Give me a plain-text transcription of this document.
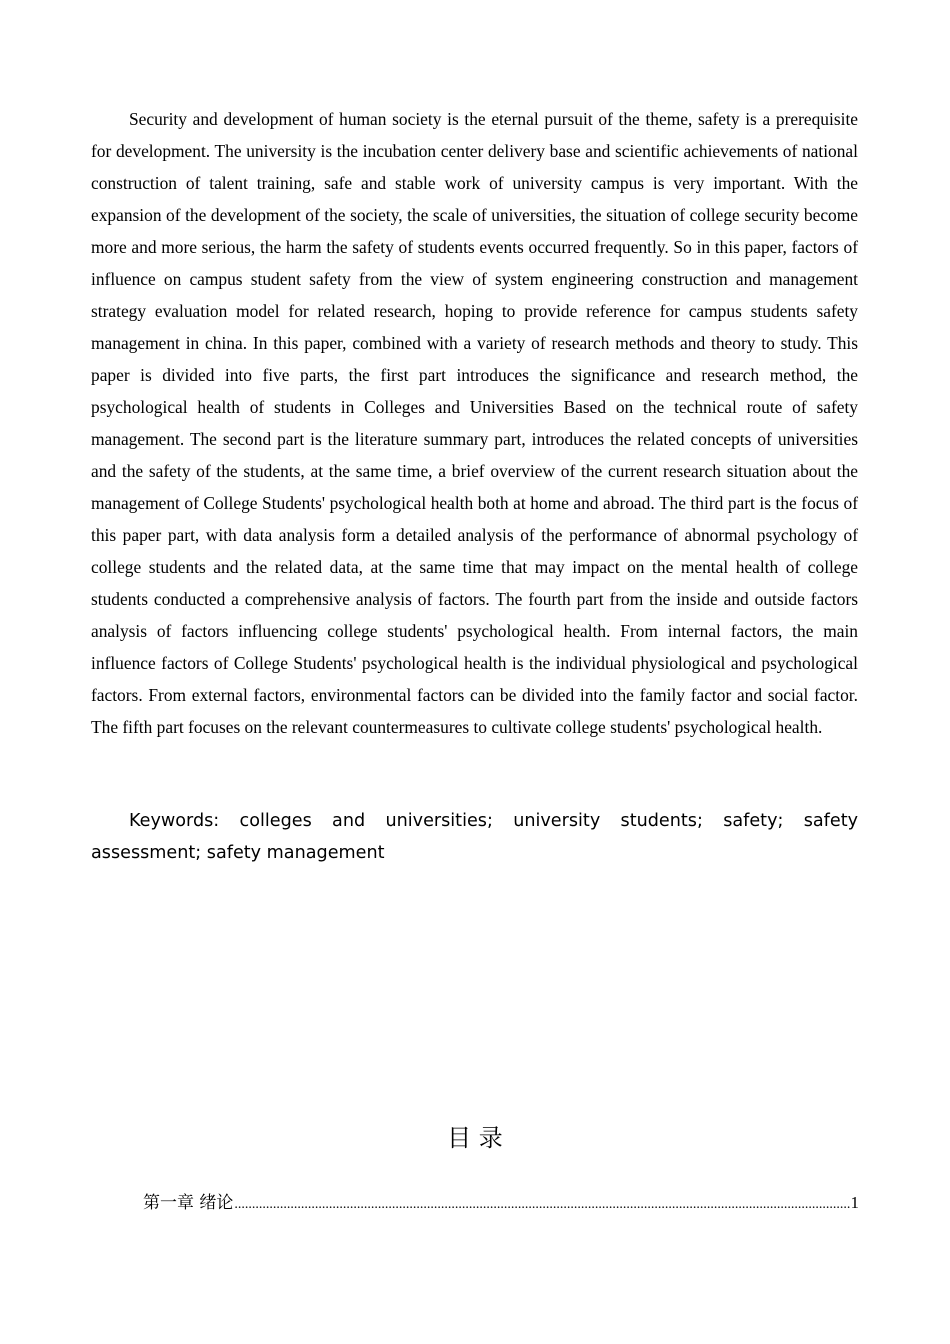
Security and development of human society is the eternal pursuit of the theme, safety is a prerequisite for development. The university is the incubation center delivery base and scientific achievements of national construction of talent training, safe and stable work of university campus is very important. With the expansion of the development of the society, the scale of universities, the situation of college security become more and more serious, the harm the safety of students events occurred frequently. So in this paper, factors of influence on campus student safety from the view of system engineering construction and management strategy evaluation model for related research, hoping to provide reference for campus students safety management in china. In this paper, combined with a variety of research methods and theory to study. This paper is divided into five parts, the first part introduces the significance and research method, the psychological health of students in Colleges and Universities Based on the technical route of safety management. The second part is the literature summary part, introduces the related concepts of universities and the safety of the students, at the same time, a brief overview of the current research situation about the management of College Students' psychological health both at home and abroad. The third part is the focus of this paper part, with data analysis form a detailed analysis of the performance of abnormal psychology of college students and the related data, at the same time that may impact on the mental health of college students conducted a comprehensive analysis of factors. The fourth part from the inside and outside factors analysis of factors influencing college students' psychological health. From internal factors, the main influence factors of College Students' psychological health is the individual physiological and psychological factors. From external factors, environmental factors can be divided into the family factor and social factor. The fifth part focuses on the relevant countermeasures to cultivate college students' psychological health.

Keywords: colleges and universities; university students; safety; safety assessment; safety management

目 录
第一章 绪论
.....	1
